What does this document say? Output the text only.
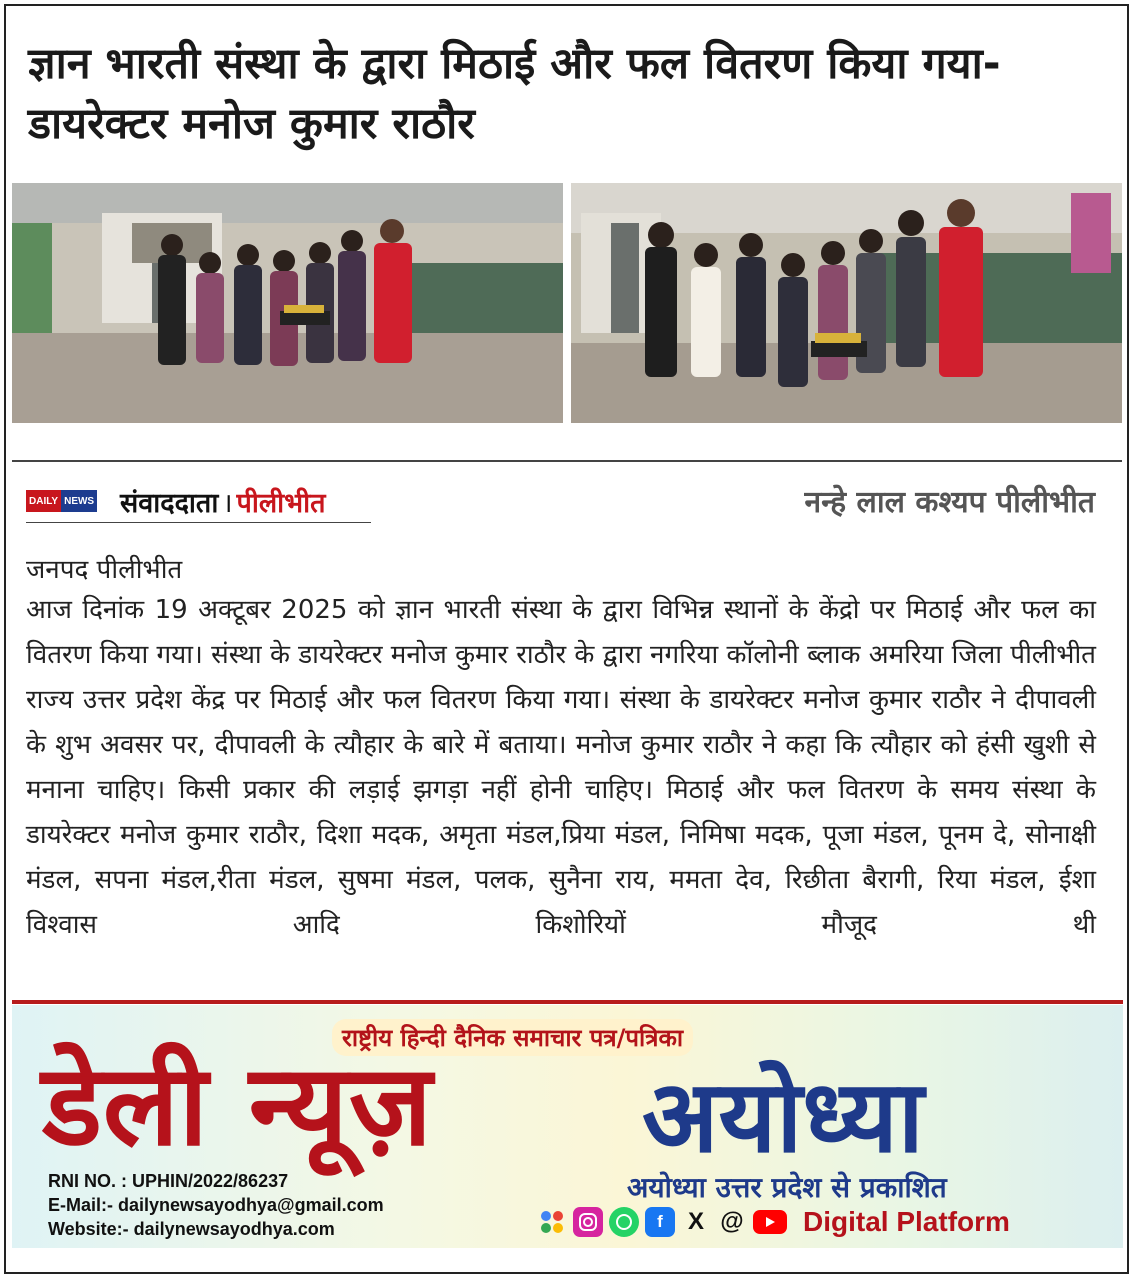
ज्ञान भारती संस्था के द्वारा मिठाई और फल वितरण किया गया-
डायरेक्टर मनोज कुमार राठौर
DAILY NEWS संवाददाता । पीलीभीत	नन्हे लाल कश्यप पीलीभीत
जनपद पीलीभीत

आज दिनांक 19 अक्टूबर 2025 को ज्ञान भारती संस्था के द्वारा विभिन्न स्थानों के केंद्रो पर मिठाई और फल का वितरण किया गया। संस्था के डायरेक्टर मनोज कुमार राठौर के द्वारा नगरिया कॉलोनी ब्लाक अमरिया जिला पीलीभीत राज्य उत्तर प्रदेश केंद्र पर मिठाई और फल वितरण किया गया। संस्था के डायरेक्टर मनोज कुमार राठौर ने दीपावली के शुभ अवसर पर, दीपावली के त्यौहार के बारे में बताया। मनोज कुमार राठौर ने कहा कि त्यौहार को हंसी खुशी से मनाना चाहिए। किसी प्रकार की लड़ाई झगड़ा नहीं होनी चाहिए। मिठाई और फल वितरण के समय संस्था के डायरेक्टर मनोज कुमार राठौर, दिशा मदक, अमृता मंडल,प्रिया मंडल, निमिषा मदक, पूजा मंडल, पूनम दे, सोनाक्षी मंडल, सपना मंडल,रीता मंडल, सुषमा मंडल, पलक, सुनैना राय, ममता देव, रिछीता बैरागी, रिया मंडल, ईशा विश्वास आदि किशोरियों मौजूद थी

राष्ट्रीय हिन्दी दैनिक समाचार पत्र/पत्रिका
डेली न्यूज़ अयोध्या
अयोध्या उत्तर प्रदेश से प्रकाशित
RNI NO. : UPHIN/2022/86237
E-Mail:- dailynewsayodhya@gmail.com
Website:- dailynewsayodhya.com	f	X @ Digital Platform
